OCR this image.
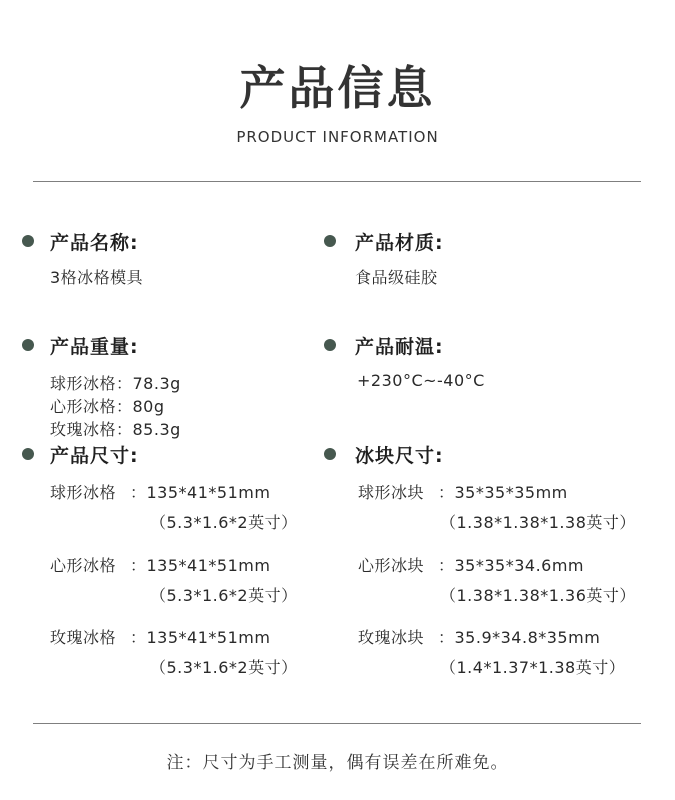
产品信息
PRODUCT INFORMATION
产品名称:
3格冰格模具
产品材质:
食品级硅胶
产品重量:
球形冰格：78.3g
心形冰格：80g
玫瑰冰格：85.3g
产品耐温:
+230°C~-40°C
产品尺寸:
球形冰格 ：135*41*51mm
（5.3*1.6*2英寸）
心形冰格 ：135*41*51mm
（5.3*1.6*2英寸）
玫瑰冰格 ：135*41*51mm
（5.3*1.6*2英寸）
冰块尺寸:
球形冰块 ：35*35*35mm
（1.38*1.38*1.38英寸）
心形冰块 ：35*35*34.6mm
（1.38*1.38*1.36英寸）
玫瑰冰块 ：35.9*34.8*35mm
（1.4*1.37*1.38英寸）
注：尺寸为手工测量，偶有误差在所难免。
